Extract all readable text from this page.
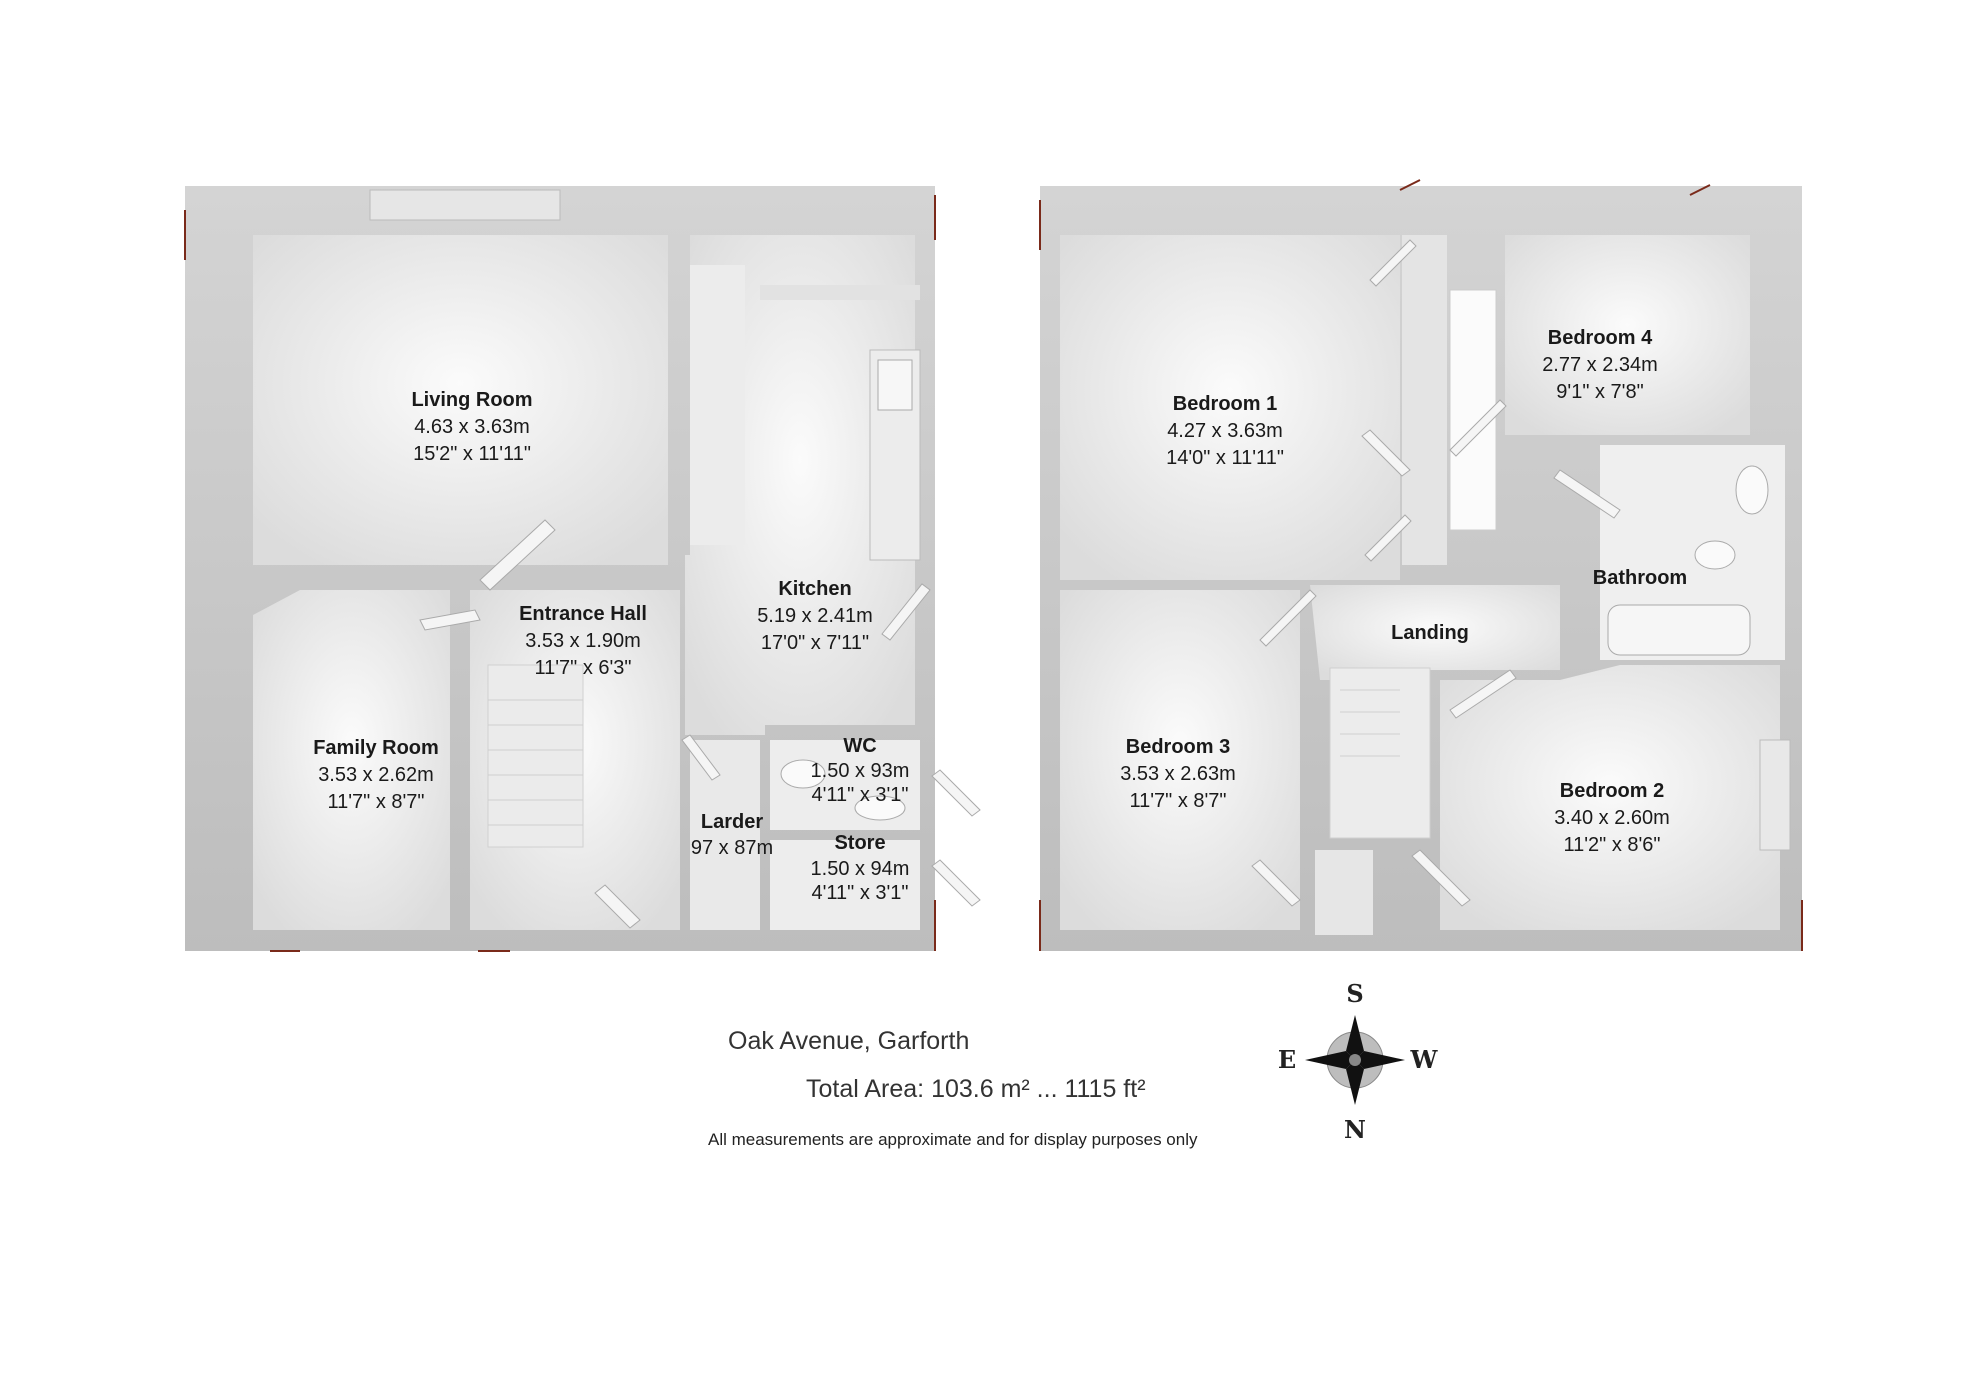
Living Room
4.63 x 3.63m
15'2" x 11'11"
Kitchen
5.19 x 2.41m
17'0" x 7'11"
Entrance Hall
3.53 x 1.90m
11'7" x 6'3"
Family Room
3.53 x 2.62m
11'7" x 8'7"
WC
1.50 x 93m
4'11" x 3'1"
Larder
97 x 87m	Store
1.50 x 94m
4'11" x 3'1"
Bedroom 1
4.27 x 3.63m
14'0" x 11'11"
Bedroom 4
2.77 x 2.34m
9'1" x 7'8"
Bathroom
Landing
Bedroom 3
3.53 x 2.63m
11'7" x 8'7"	Bedroom 2
3.40 x 2.60m
11'2" x 8'6"
S
N
E	W
Oak Avenue, Garforth
Total Area: 103.6 m² ... 1115 ft²
All measurements are approximate and for display purposes only
